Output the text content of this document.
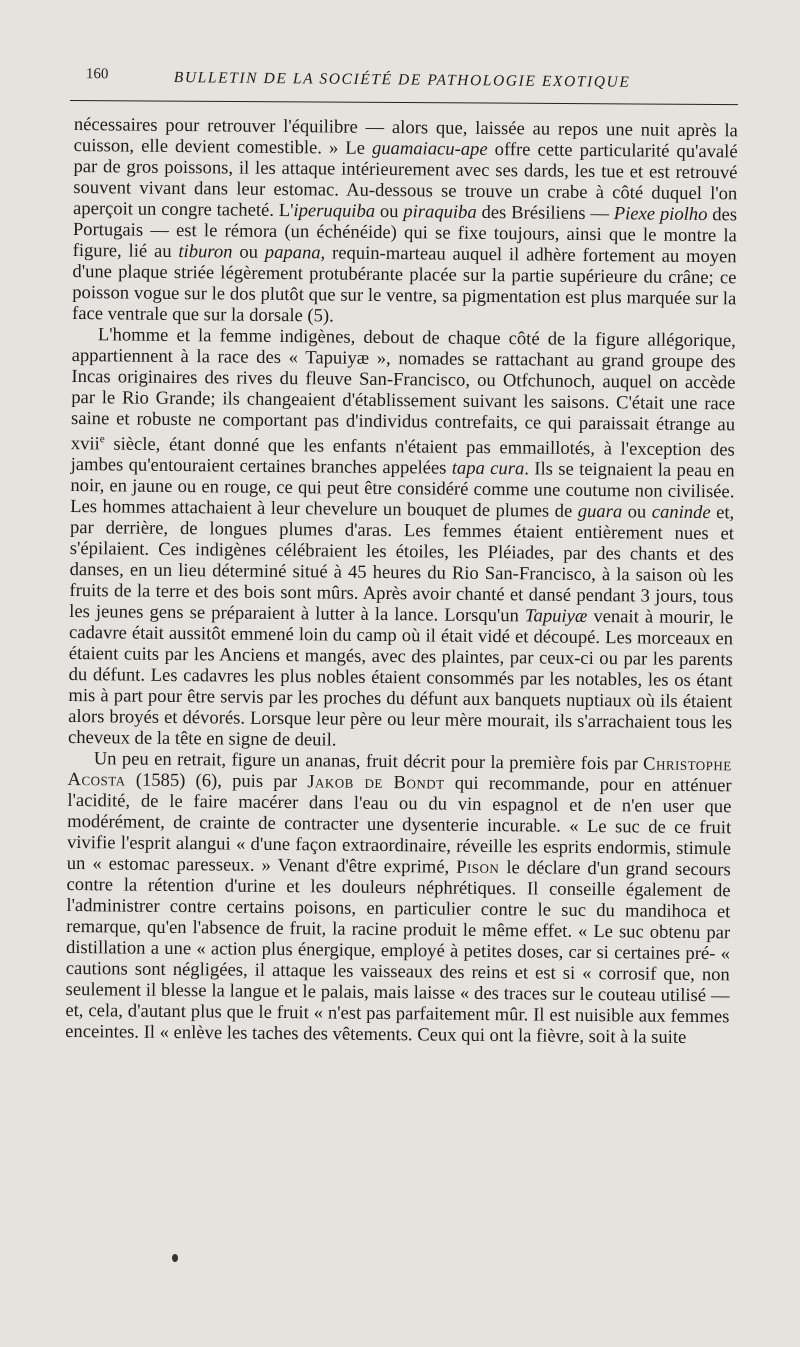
160	BULLETIN DE LA SOCIÉTÉ DE PATHOLOGIE EXOTIQUE

nécessaires pour retrouver l'équilibre — alors que, laissée au repos une nuit après la cuisson, elle devient comestible. » Le guamaiacu-ape offre cette particularité qu'avalé par de gros poissons, il les attaque intérieurement avec ses dards, les tue et est retrouvé souvent vivant dans leur estomac. Au-dessous se trouve un crabe à côté duquel l'on aperçoit un congre tacheté. L'iperuquiba ou piraquiba des Brésiliens — Piexe piolho des Portugais — est le rémora (un échénéide) qui se fixe toujours, ainsi que le montre la figure, lié au tiburon ou papana, requin-marteau auquel il adhère fortement au moyen d'une plaque striée légèrement protubérante placée sur la partie supérieure du crâne; ce poisson vogue sur le dos plutôt que sur le ventre, sa pigmentation est plus marquée sur la face ventrale que sur la dorsale (5).

L'homme et la femme indigènes, debout de chaque côté de la figure allégorique, appartiennent à la race des « Tapuiyæ », nomades se rattachant au grand groupe des Incas originaires des rives du fleuve San-Francisco, ou Otfchunoch, auquel on accède par le Rio Grande; ils changeaient d'établissement suivant les saisons. C'était une race saine et robuste ne comportant pas d'individus contrefaits, ce qui paraissait étrange au xvii$^e$ siècle, étant donné que les enfants n'étaient pas emmaillotés, à l'exception des jambes qu'entouraient certaines branches appelées tapa cura. Ils se teignaient la peau en noir, en jaune ou en rouge, ce qui peut être considéré comme une coutume non civilisée. Les hommes attachaient à leur chevelure un bouquet de plumes de guara ou caninde et, par derrière, de longues plumes d'aras. Les femmes étaient entièrement nues et s'épilaient. Ces indigènes célébraient les étoiles, les Pléiades, par des chants et des danses, en un lieu déterminé situé à 45 heures du Rio San-Francisco, à la saison où les fruits de la terre et des bois sont mûrs. Après avoir chanté et dansé pendant 3 jours, tous les jeunes gens se préparaient à lutter à la lance. Lorsqu'un Tapuiyæ venait à mourir, le cadavre était aussitôt emmené loin du camp où il était vidé et découpé. Les morceaux en étaient cuits par les Anciens et mangés, avec des plaintes, par ceux-ci ou par les parents du défunt. Les cadavres les plus nobles étaient consommés par les notables, les os étant mis à part pour être servis par les proches du défunt aux banquets nuptiaux où ils étaient alors broyés et dévorés. Lorsque leur père ou leur mère mourait, ils s'arrachaient tous les cheveux de la tête en signe de deuil.

Un peu en retrait, figure un ananas, fruit décrit pour la première fois par Christophe Acosta (1585) (6), puis par Jakob de Bondt qui recommande, pour en atténuer l'acidité, de le faire macérer dans l'eau ou du vin espagnol et de n'en user que modérément, de crainte de contracter une dysenterie incurable. « Le suc de ce fruit vivifie l'esprit alangui « d'une façon extraordinaire, réveille les esprits endormis, stimule un « estomac paresseux. » Venant d'être exprimé, Pison le déclare d'un grand secours contre la rétention d'urine et les douleurs néphrétiques. Il conseille également de l'administrer contre certains poisons, en particulier contre le suc du mandihoca et remarque, qu'en l'absence de fruit, la racine produit le même effet. « Le suc obtenu par distillation a une « action plus énergique, employé à petites doses, car si certaines pré- « cautions sont négligées, il attaque les vaisseaux des reins et est si « corrosif que, non seulement il blesse la langue et le palais, mais laisse « des traces sur le couteau utilisé — et, cela, d'autant plus que le fruit « n'est pas parfaitement mûr. Il est nuisible aux femmes enceintes. Il « enlève les taches des vêtements. Ceux qui ont la fièvre, soit à la suite
